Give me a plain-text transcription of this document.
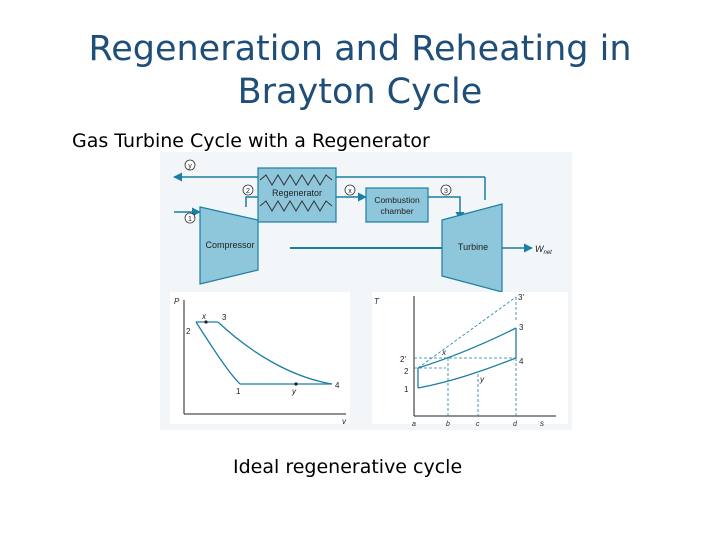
Regeneration and Reheating in
Brayton Cycle
Gas Turbine Cycle with a Regenerator
Regenerator
Combustion
chamber
Compressor	Turbine	$W_{net}$
2	x	3
y
1
P
v
2
x 3
1	y
4
T
s
3'
3
2'
x
4
2
y
1
a	b	c	d
Ideal regenerative cycle
